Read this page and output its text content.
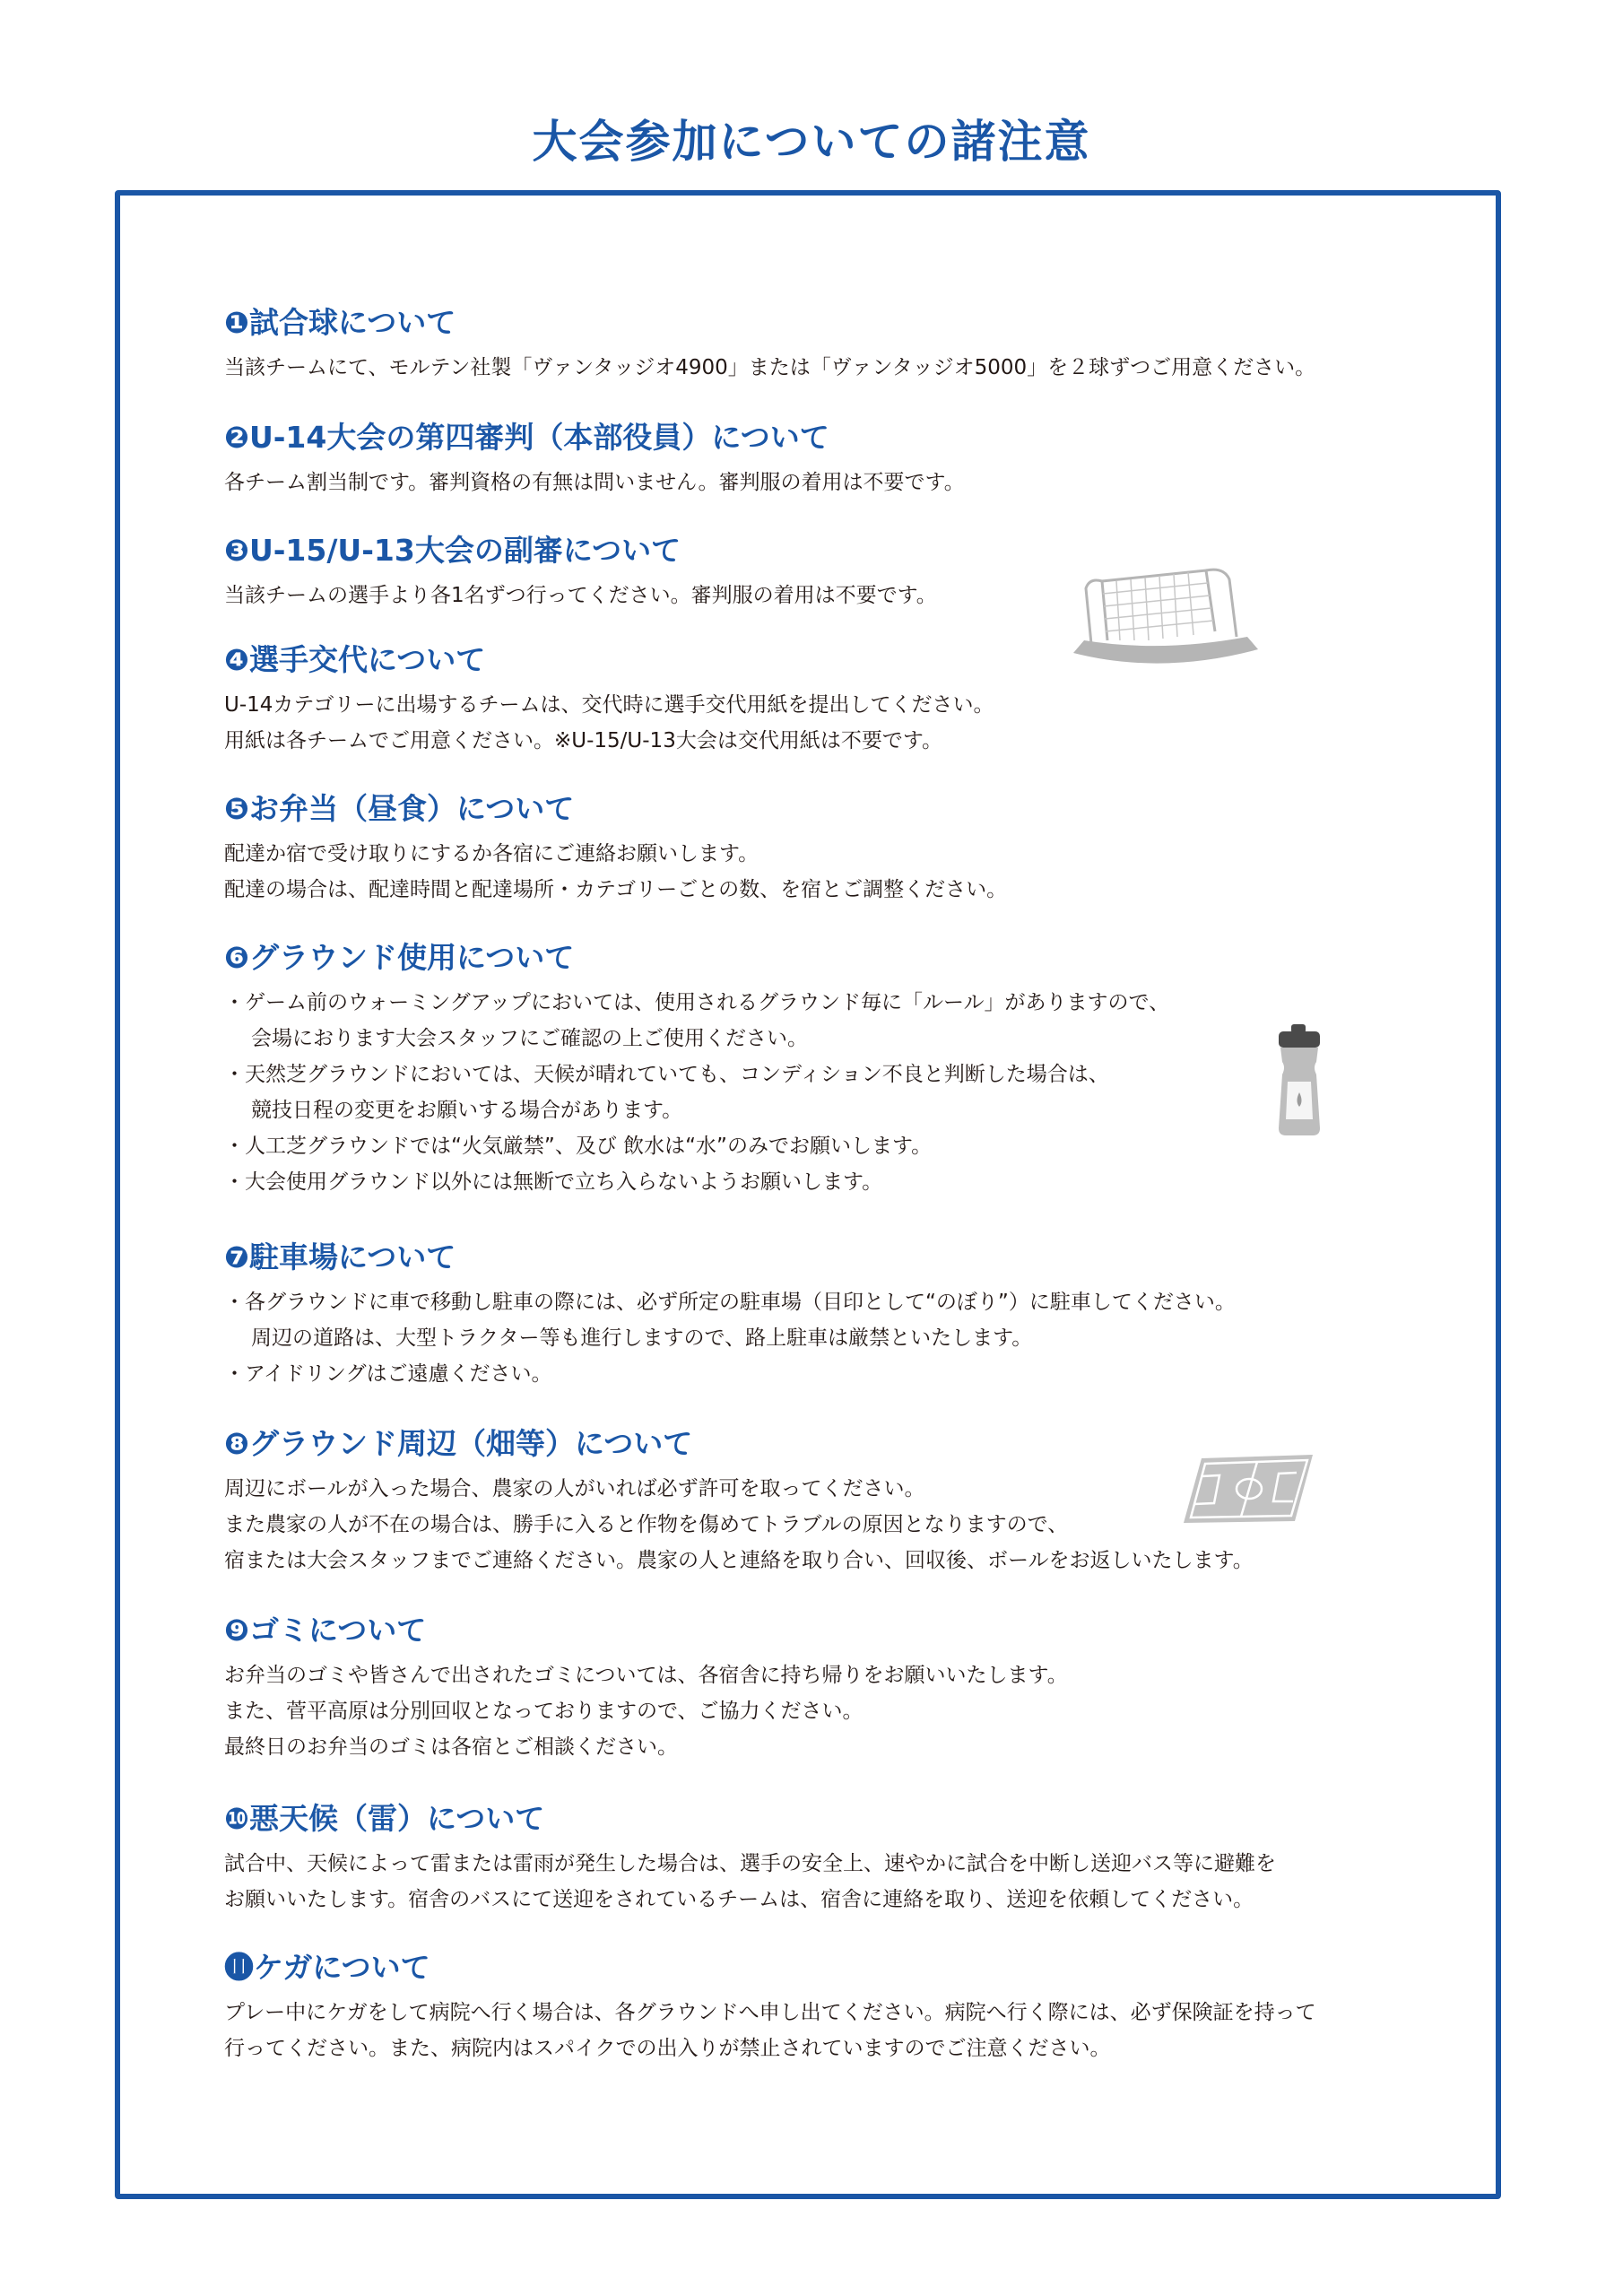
大会参加についての諸注意
❶試合球について

当該チームにて、モルテン社製「ヴァンタッジオ4900」または「ヴァンタッジオ5000」を２球ずつご用意ください。

❷U-14大会の第四審判（本部役員）について

各チーム割当制です。審判資格の有無は問いません。審判服の着用は不要です。

❸U-15/U-13大会の副審について

当該チームの選手より各1名ずつ行ってください。審判服の着用は不要です。

❹選手交代について

U-14カテゴリーに出場するチームは、交代時に選手交代用紙を提出してください。

用紙は各チームでご用意ください。※U-15/U-13大会は交代用紙は不要です。

❺お弁当（昼食）について

配達か宿で受け取りにするか各宿にご連絡お願いします。

配達の場合は、配達時間と配達場所・カテゴリーごとの数、を宿とご調整ください。

❻グラウンド使用について

・ゲーム前のウォーミングアップにおいては、使用されるグラウンド毎に「ルール」がありますので、

会場におります大会スタッフにご確認の上ご使用ください。

・天然芝グラウンドにおいては、天候が晴れていても、コンディション不良と判断した場合は、

競技日程の変更をお願いする場合があります。

・人工芝グラウンドでは“火気厳禁”、及び 飲水は“水”のみでお願いします。

・大会使用グラウンド以外には無断で立ち入らないようお願いします。

❼駐車場について

・各グラウンドに車で移動し駐車の際には、必ず所定の駐車場（目印として“のぼり”）に駐車してください。

周辺の道路は、大型トラクター等も進行しますので、路上駐車は厳禁といたします。

・アイドリングはご遠慮ください。

❽グラウンド周辺（畑等）について

周辺にボールが入った場合、農家の人がいれば必ず許可を取ってください。

また農家の人が不在の場合は、勝手に入ると作物を傷めてトラブルの原因となりますので、

宿または大会スタッフまでご連絡ください。農家の人と連絡を取り合い、回収後、ボールをお返しいたします。

❾ゴミについて

お弁当のゴミや皆さんで出されたゴミについては、各宿舎に持ち帰りをお願いいたします。

また、菅平高原は分別回収となっておりますので、ご協力ください。

最終日のお弁当のゴミは各宿とご相談ください。

❿悪天候（雷）について

試合中、天候によって雷または雷雨が発生した場合は、選手の安全上、速やかに試合を中断し送迎バス等に避難を

お願いいたします。宿舎のバスにて送迎をされているチームは、宿舎に連絡を取り、送迎を依頼してください。

⓫ケガについて

プレー中にケガをして病院へ行く場合は、各グラウンドへ申し出てください。病院へ行く際には、必ず保険証を持って

行ってください。また、病院内はスパイクでの出入りが禁止されていますのでご注意ください。
